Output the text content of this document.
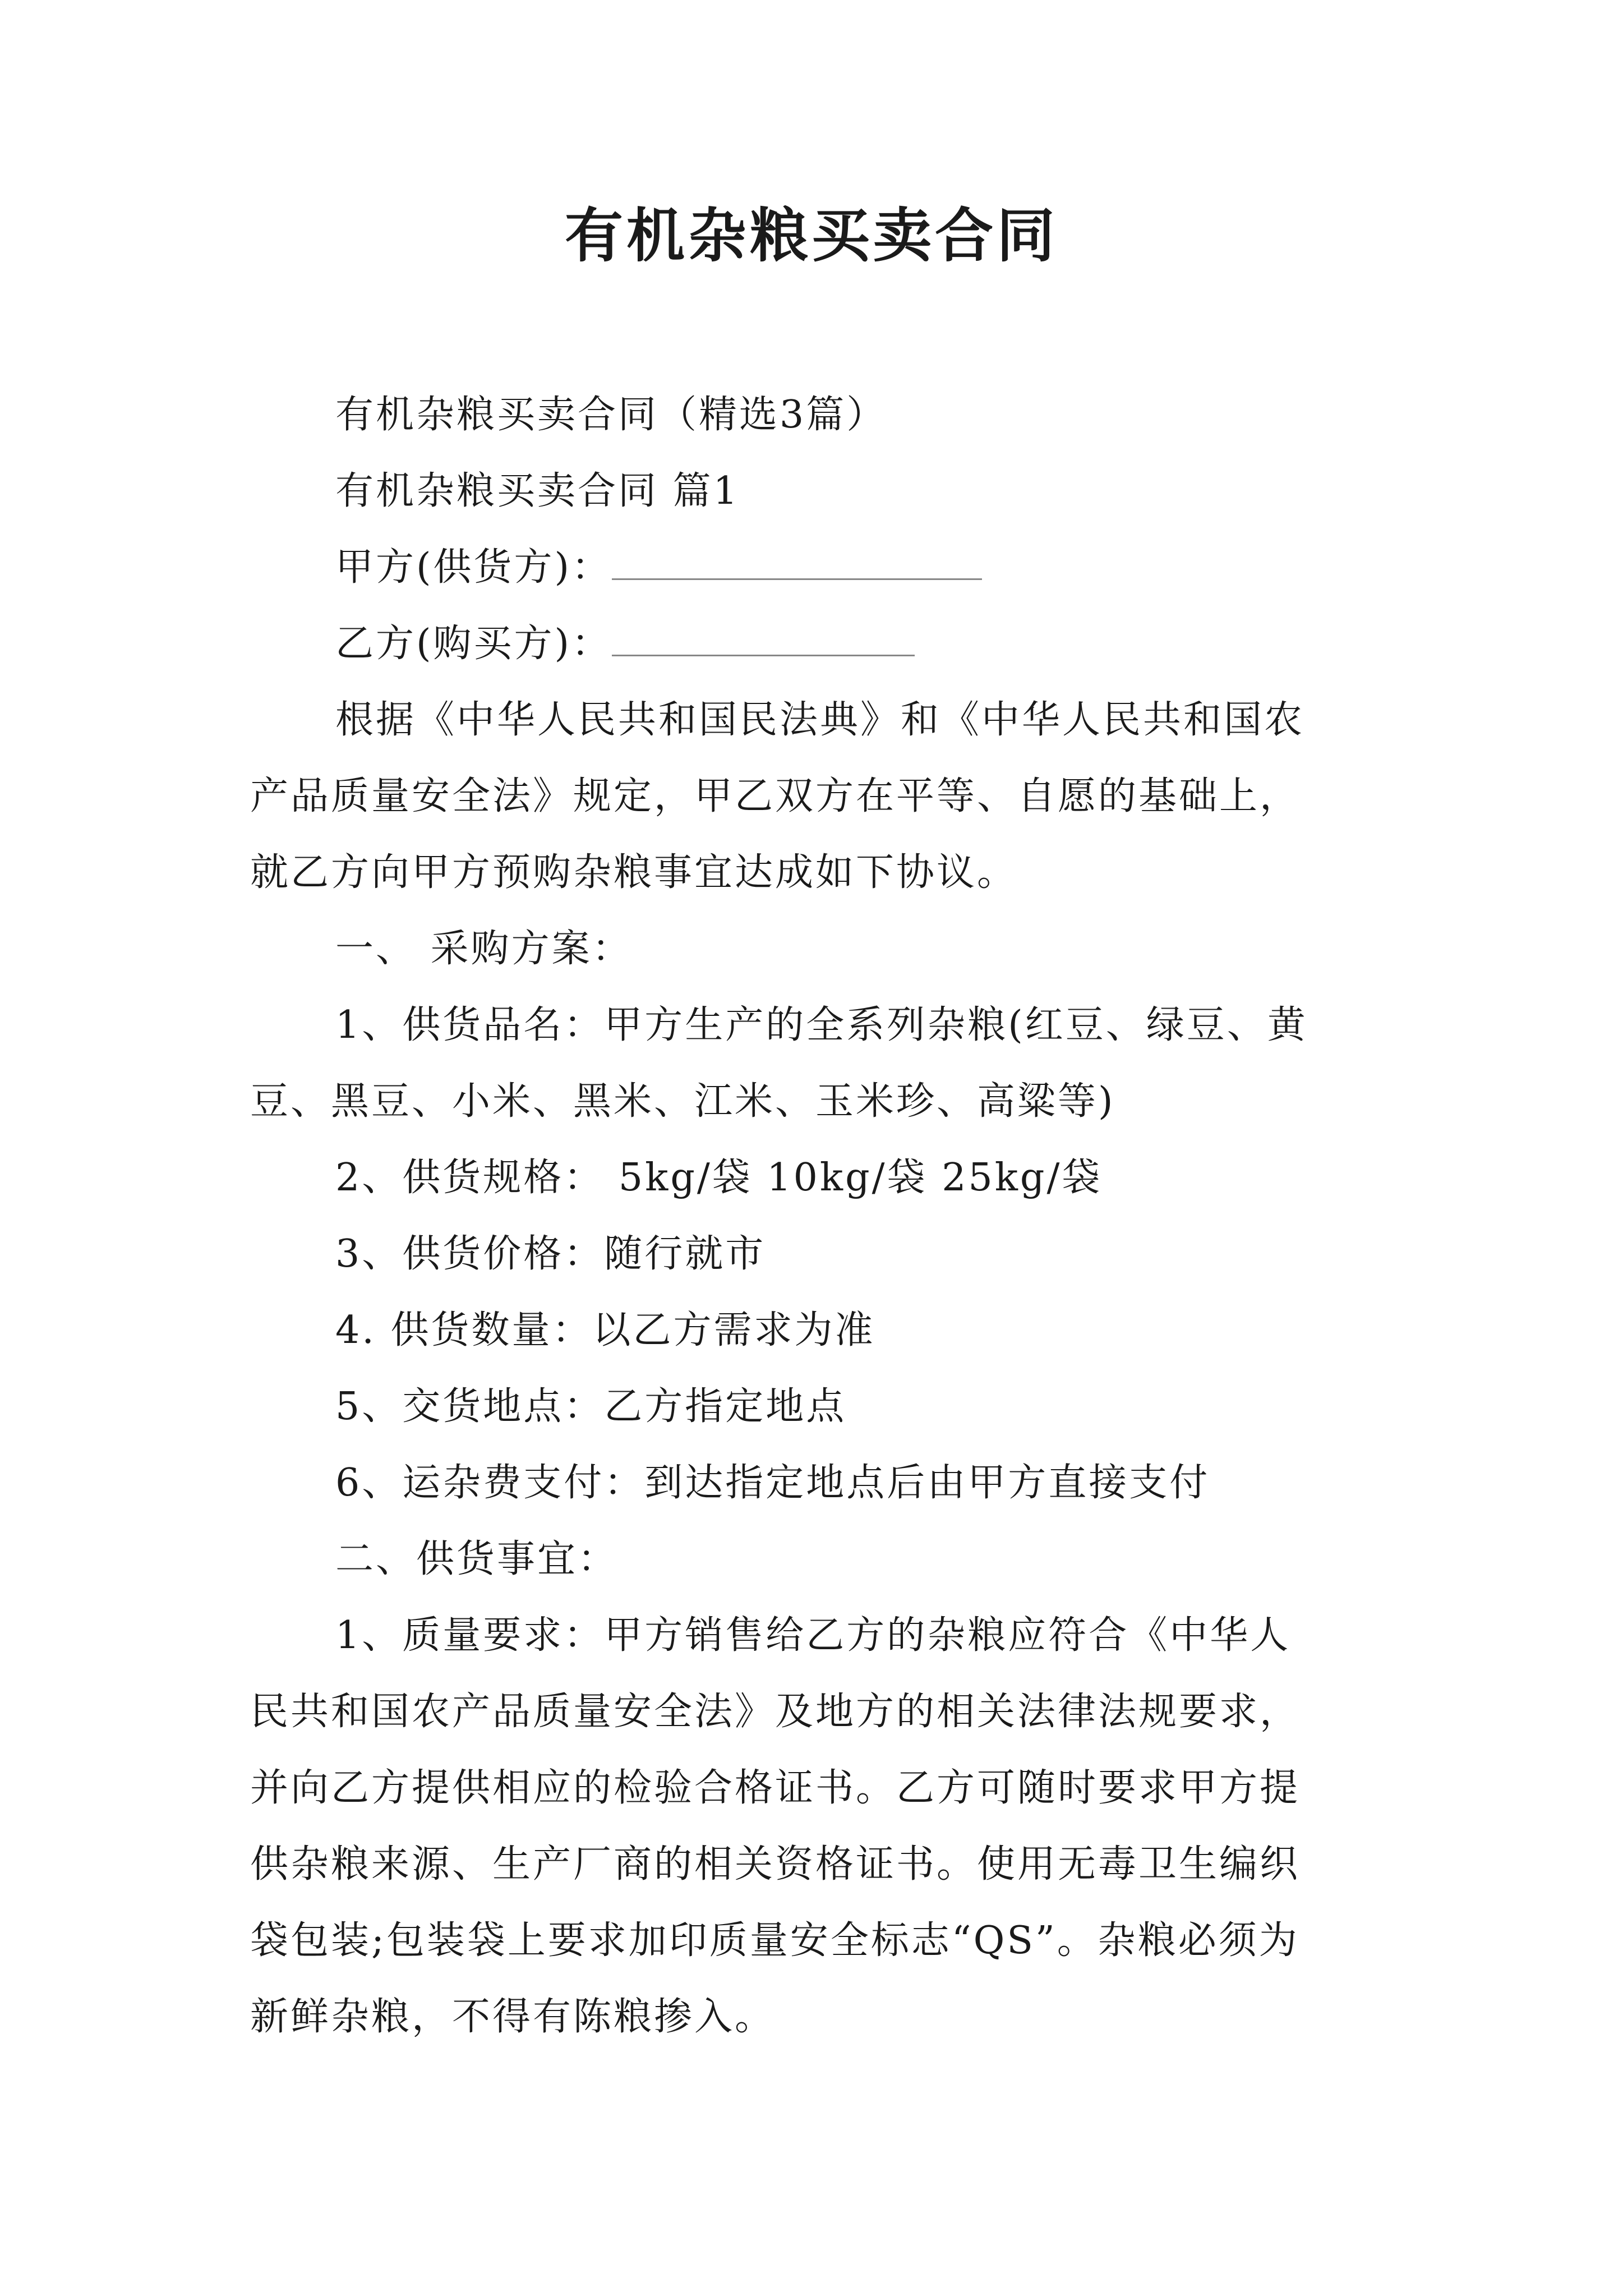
有机杂粮买卖合同
有机杂粮买卖合同（精选3篇）
有机杂粮买卖合同 篇1
甲方(供货方)：
乙方(购买方)：
根据《中华人民共和国民法典》和《中华人民共和国农
产品质量安全法》规定，甲乙双方在平等、自愿的基础上，
就乙方向甲方预购杂粮事宜达成如下协议。
一、 采购方案：
1、供货品名：甲方生产的全系列杂粮(红豆、绿豆、黄
豆、黑豆、小米、黑米、江米、玉米珍、高粱等)
2、供货规格： 5kg/袋 10kg/袋 25kg/袋
3、供货价格：随行就市
4. 供货数量：以乙方需求为准
5、交货地点：乙方指定地点
6、运杂费支付：到达指定地点后由甲方直接支付
二、供货事宜：
1、质量要求：甲方销售给乙方的杂粮应符合《中华人
民共和国农产品质量安全法》及地方的相关法律法规要求，
并向乙方提供相应的检验合格证书。乙方可随时要求甲方提
供杂粮来源、生产厂商的相关资格证书。使用无毒卫生编织
袋包装;包装袋上要求加印质量安全标志“QS”。杂粮必须为
新鲜杂粮，不得有陈粮掺入。
